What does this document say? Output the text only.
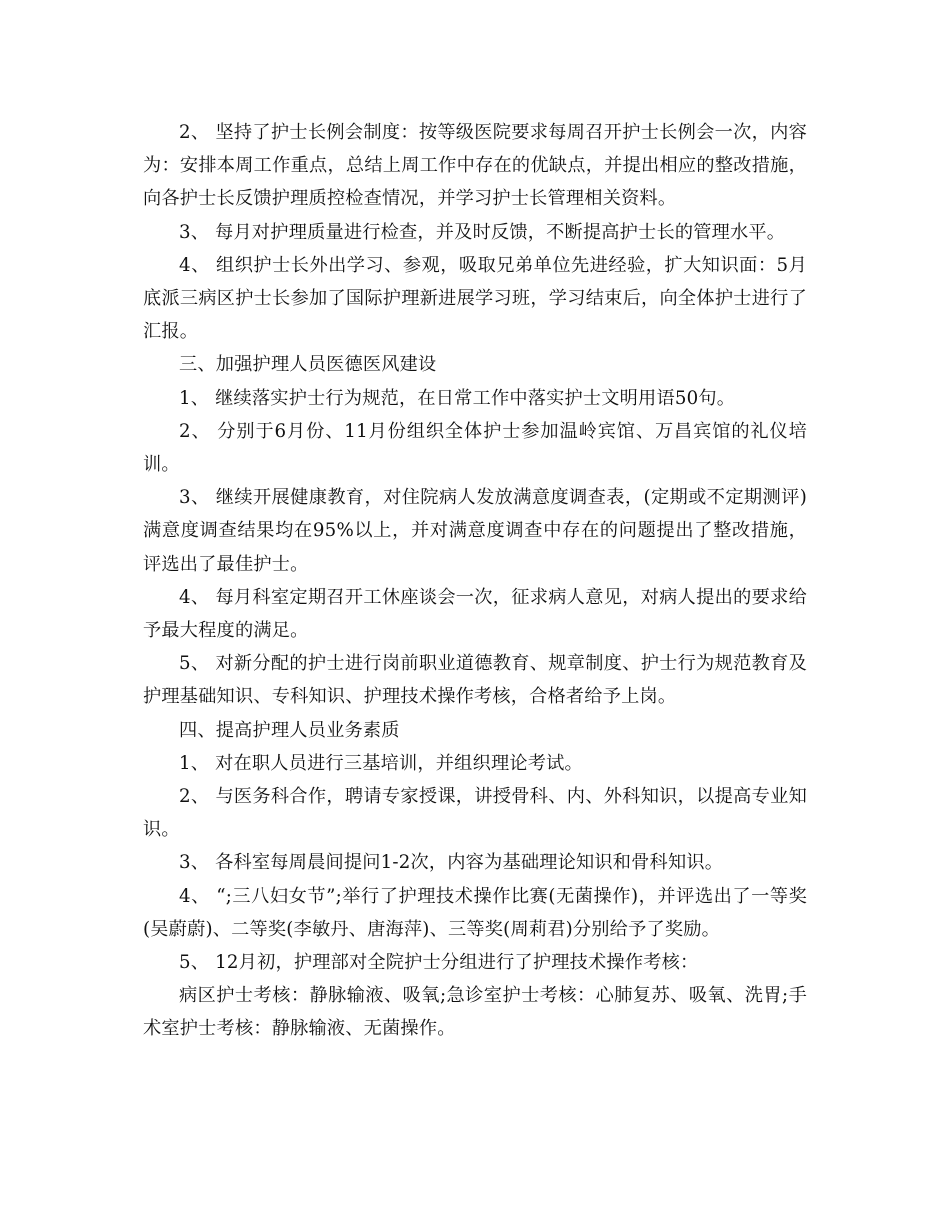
2、 坚持了护士长例会制度：按等级医院要求每周召开护士长例会一次，内容为：安排本周工作重点，总结上周工作中存在的优缺点，并提出相应的整改措施，向各护士长反馈护理质控检查情况，并学习护士长管理相关资料。

3、 每月对护理质量进行检查，并及时反馈，不断提高护士长的管理水平。

4、 组织护士长外出学习、参观，吸取兄弟单位先进经验，扩大知识面：5月底派三病区护士长参加了国际护理新进展学习班，学习结束后，向全体护士进行了汇报。

三、加强护理人员医德医风建设

1、 继续落实护士行为规范，在日常工作中落实护士文明用语50句。

2、 分别于6月份、11月份组织全体护士参加温岭宾馆、万昌宾馆的礼仪培训。

3、 继续开展健康教育，对住院病人发放满意度调查表，(定期或不定期测评)满意度调查结果均在95%以上，并对满意度调查中存在的问题提出了整改措施，评选出了最佳护士。

4、 每月科室定期召开工休座谈会一次，征求病人意见，对病人提出的要求给予最大程度的满足。

5、 对新分配的护士进行岗前职业道德教育、规章制度、护士行为规范教育及护理基础知识、专科知识、护理技术操作考核，合格者给予上岗。

四、提高护理人员业务素质

1、 对在职人员进行三基培训，并组织理论考试。

2、 与医务科合作，聘请专家授课，讲授骨科、内、外科知识，以提高专业知识。

3、 各科室每周晨间提问1-2次，内容为基础理论知识和骨科知识。

4、 “;三八妇女节”;举行了护理技术操作比赛(无菌操作)，并评选出了一等奖(吴蔚蔚)、二等奖(李敏丹、唐海萍)、三等奖(周莉君)分别给予了奖励。

5、 12月初，护理部对全院护士分组进行了护理技术操作考核：

病区护士考核：静脉输液、吸氧;急诊室护士考核：心肺复苏、吸氧、洗胃;手术室护士考核：静脉输液、无菌操作。
